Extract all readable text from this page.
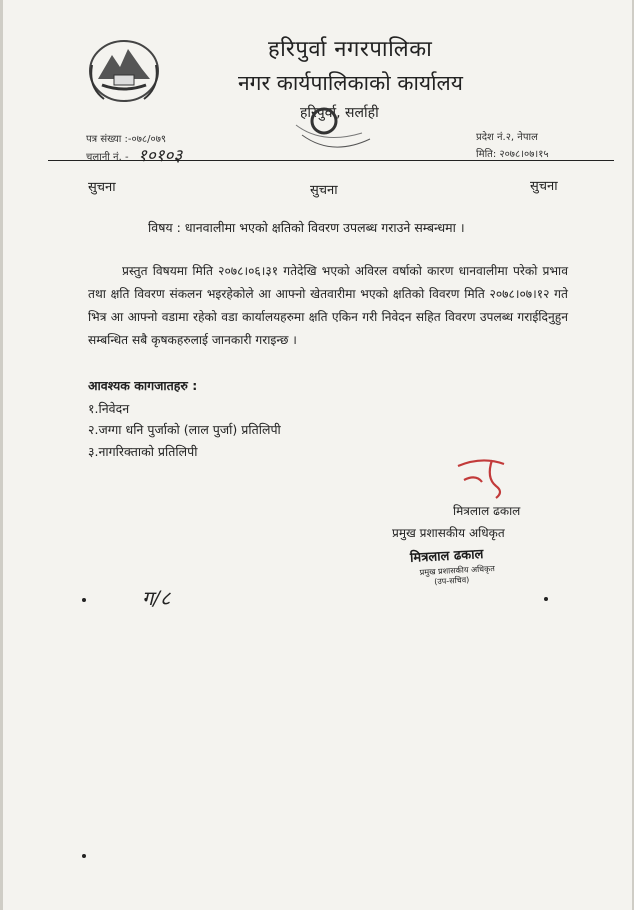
हरिपुर्वा नगरपालिका
नगर कार्यपालिकाको कार्यालय
हरिपुर्वा, सर्लाही
पत्र संख्या :-०७८/०७९
चलानी नं. - १०१०३
प्रदेश नं.२, नेपाल
मिति: २०७८।०७।१५
सुचना	सुचना	सुचना
विषय : धानवालीमा भएको क्षतिको विवरण उपलब्ध गराउने सम्बन्धमा ।
प्रस्तुत विषयमा मिति २०७८।०६।३१ गतेदेखि भएको अविरल वर्षाको कारण धानवालीमा परेको प्रभाव तथा क्षति विवरण संकलन भइरहेकोले आ आफ्नो खेतवारीमा भएको क्षतिको विवरण मिति २०७८।०७।१२ गते भित्र आ आफ्नो वडामा रहेको वडा कार्यालयहरुमा क्षति एकिन गरी निवेदन सहित विवरण उपलब्ध गराईदिनुहुन सम्बन्धित सबै कृषकहरुलाई जानकारी गराइन्छ ।
आवश्यक कागजातहरु :
१.निवेदन
२.जग्गा धनि पुर्जाको (लाल पुर्जा) प्रतिलिपी
३.नागरिक्ताको प्रतिलिपी
मित्रलाल ढकाल
प्रमुख प्रशासकीय अधिकृत
मित्रलाल ढकाल
प्रमुख प्रशासकीय अधिकृत
(उप-सचिव)
ग/८
